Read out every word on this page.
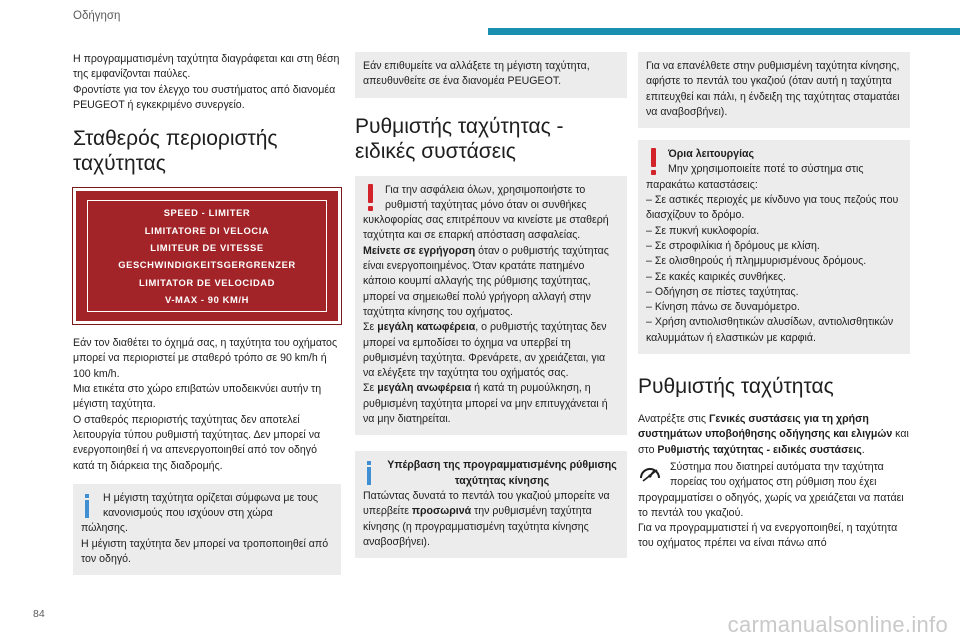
Οδήγηση

Η προγραμματισμένη ταχύτητα διαγράφεται και στη θέση της εμφανίζονται παύλες.

Φροντίστε για τον έλεγχο του συστήματος από διανομέα PEUGEOT ή εγκεκριμένο συνεργείο.

Σταθερός περιοριστής ταχύτητας
SPEED - LIMITER
LIMITATORE DI VELOCIA
LIMITEUR DE VITESSE
GESCHWINDIGKEITSGERGRENZER
LIMITATOR DE VELOCIDAD
V-MAX - 90 KM/H

Εάν τον διαθέτει το όχημά σας, η ταχύτητα του οχήματος μπορεί να περιοριστεί με σταθερό τρόπο σε 90 km/h ή 100 km/h.

Μια ετικέτα στο χώρο επιβατών υποδεικνύει αυτήν τη μέγιστη ταχύτητα.

Ο σταθερός περιοριστής ταχύτητας δεν αποτελεί λειτουργία τύπου ρυθμιστή ταχύτητας. Δεν μπορεί να ενεργοποιηθεί ή να απενεργοποιηθεί από τον οδηγό κατά τη διάρκεια της διαδρομής.

Η μέγιστη ταχύτητα ορίζεται σύμφωνα με τους κανονισμούς που ισχύουν στη χώρα

πώλησης.

Η μέγιστη ταχύτητα δεν μπορεί να τροποποιηθεί από τον οδηγό.

Εάν επιθυμείτε να αλλάξετε τη μέγιστη ταχύτητα, απευθυνθείτε σε ένα διανομέα PEUGEOT.

Ρυθμιστής ταχύτητας - ειδικές συστάσεις

Για την ασφάλεια όλων, χρησιμοποιήστε το ρυθμιστή ταχύτητας μόνο όταν οι συνθήκες

κυκλοφορίας σας επιτρέπουν να κινείστε με σταθερή ταχύτητα και σε επαρκή απόσταση ασφαλείας.

Μείνετε σε εγρήγορση όταν ο ρυθμιστής ταχύτητας είναι ενεργοποιημένος. Όταν κρατάτε πατημένο κάποιο κουμπί αλλαγής της ρύθμισης ταχύτητας, μπορεί να σημειωθεί πολύ γρήγορη αλλαγή στην ταχύτητα κίνησης του οχήματος.

Σε μεγάλη κατωφέρεια, ο ρυθμιστής ταχύτητας δεν μπορεί να εμποδίσει το όχημα να υπερβεί τη ρυθμισμένη ταχύτητα. Φρενάρετε, αν χρειάζεται, για να ελέγξετε την ταχύτητα του οχήματός σας.

Σε μεγάλη ανωφέρεια ή κατά τη ρυμούλκηση, η ρυθμισμένη ταχύτητα μπορεί να μην επιτυγχάνεται ή να μην διατηρείται.

Υπέρβαση της προγραμματισμένης ρύθμισης ταχύτητας κίνησης

Πατώντας δυνατά το πεντάλ του γκαζιού μπορείτε να υπερβείτε προσωρινά την ρυθμισμένη ταχύτητα κίνησης (η προγραμματισμένη ταχύτητα κίνησης αναβοσβήνει).

Για να επανέλθετε στην ρυθμισμένη ταχύτητα κίνησης, αφήστε το πεντάλ του γκαζιού (όταν αυτή η ταχύτητα επιτευχθεί και πάλι, η ένδειξη της ταχύτητας σταματάει να αναβοσβήνει).

Όρια λειτουργίας

Μην χρησιμοποιείτε ποτέ το σύστημα στις

παρακάτω καταστάσεις:

– Σε αστικές περιοχές με κίνδυνο για τους πεζούς που διασχίζουν το δρόμο.

– Σε πυκνή κυκλοφορία.

– Σε στροφιλίκια ή δρόμους με κλίση.

– Σε ολισθηρούς ή πλημμυρισμένους δρόμους.

– Σε κακές καιρικές συνθήκες.

– Οδήγηση σε πίστες ταχύτητας.

– Κίνηση πάνω σε δυναμόμετρο.

– Χρήση αντιολισθητικών αλυσίδων, αντιολισθητικών καλυμμάτων ή ελαστικών με καρφιά.

Ρυθμιστής ταχύτητας

Ανατρέξτε στις Γενικές συστάσεις για τη χρήση συστημάτων υποβοήθησης οδήγησης και ελιγμών και στο Ρυθμιστής ταχύτητας - ειδικές συστάσεις.

Σύστημα που διατηρεί αυτόματα την ταχύτητα πορείας του οχήματος στη ρύθμιση που έχει

προγραμματίσει ο οδηγός, χωρίς να χρειάζεται να πατάει το πεντάλ του γκαζιού.

Για να προγραμματιστεί ή να ενεργοποιηθεί, η ταχύτητα του οχήματος πρέπει να είναι πάνω από

84	carmanualsonline.info
